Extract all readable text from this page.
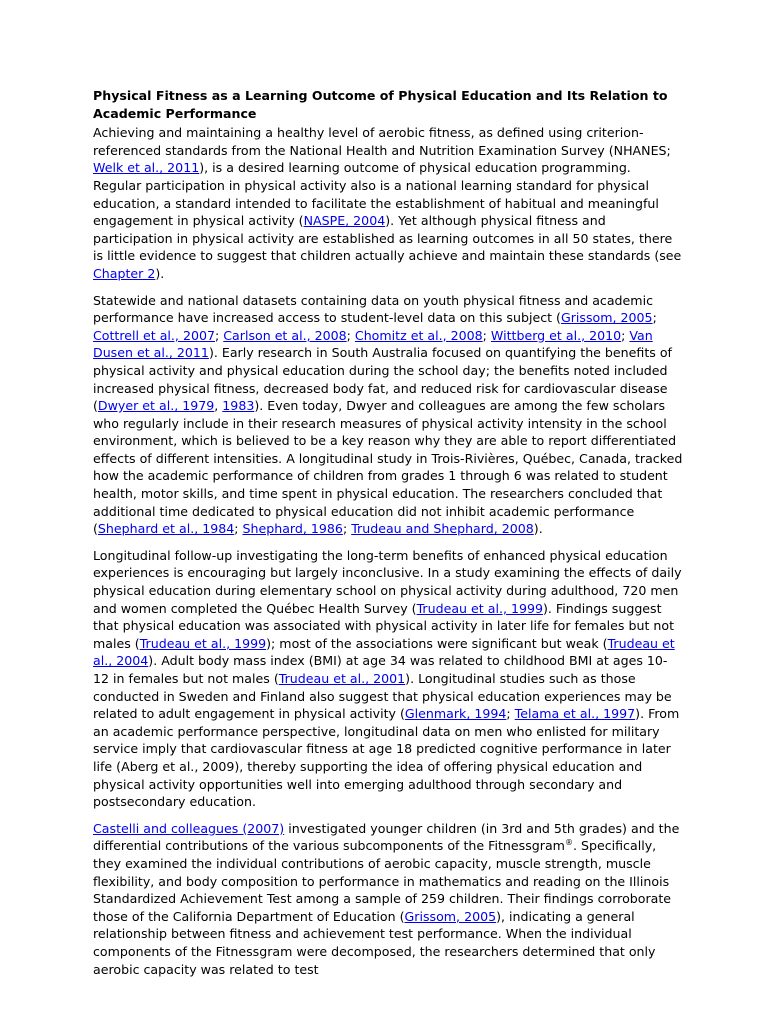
Physical Fitness as a Learning Outcome of Physical Education and Its Relation to Academic Performance

Achieving and maintaining a healthy level of aerobic fitness, as defined using criterion-referenced standards from the National Health and Nutrition Examination Survey (NHANES; Welk et al., 2011), is a desired learning outcome of physical education programming. Regular participation in physical activity also is a national learning standard for physical education, a standard intended to facilitate the establishment of habitual and meaningful engagement in physical activity (NASPE, 2004). Yet although physical fitness and participation in physical activity are established as learning outcomes in all 50 states, there is little evidence to suggest that children actually achieve and maintain these standards (see Chapter 2).

Statewide and national datasets containing data on youth physical fitness and academic performance have increased access to student-level data on this subject (Grissom, 2005; Cottrell et al., 2007; Carlson et al., 2008; Chomitz et al., 2008; Wittberg et al., 2010; Van Dusen et al., 2011). Early research in South Australia focused on quantifying the benefits of physical activity and physical education during the school day; the benefits noted included increased physical fitness, decreased body fat, and reduced risk for cardiovascular disease (Dwyer et al., 1979, 1983). Even today, Dwyer and colleagues are among the few scholars who regularly include in their research measures of physical activity intensity in the school environment, which is believed to be a key reason why they are able to report differentiated effects of different intensities. A longitudinal study in Trois-Rivières, Québec, Canada, tracked how the academic performance of children from grades 1 through 6 was related to student health, motor skills, and time spent in physical education. The researchers concluded that additional time dedicated to physical education did not inhibit academic performance (Shephard et al., 1984; Shephard, 1986; Trudeau and Shephard, 2008).

Longitudinal follow-up investigating the long-term benefits of enhanced physical education experiences is encouraging but largely inconclusive. In a study examining the effects of daily physical education during elementary school on physical activity during adulthood, 720 men and women completed the Québec Health Survey (Trudeau et al., 1999). Findings suggest that physical education was associated with physical activity in later life for females but not males (Trudeau et al., 1999); most of the associations were significant but weak (Trudeau et al., 2004). Adult body mass index (BMI) at age 34 was related to childhood BMI at ages 10-12 in females but not males (Trudeau et al., 2001). Longitudinal studies such as those conducted in Sweden and Finland also suggest that physical education experiences may be related to adult engagement in physical activity (Glenmark, 1994; Telama et al., 1997). From an academic performance perspective, longitudinal data on men who enlisted for military service imply that cardiovascular fitness at age 18 predicted cognitive performance in later life (Aberg et al., 2009), thereby supporting the idea of offering physical education and physical activity opportunities well into emerging adulthood through secondary and postsecondary education.

Castelli and colleagues (2007) investigated younger children (in 3rd and 5th grades) and the differential contributions of the various subcomponents of the Fitnessgram®. Specifically, they examined the individual contributions of aerobic capacity, muscle strength, muscle flexibility, and body composition to performance in mathematics and reading on the Illinois Standardized Achievement Test among a sample of 259 children. Their findings corroborate those of the California Department of Education (Grissom, 2005), indicating a general relationship between fitness and achievement test performance. When the individual components of the Fitnessgram were decomposed, the researchers determined that only aerobic capacity was related to test
